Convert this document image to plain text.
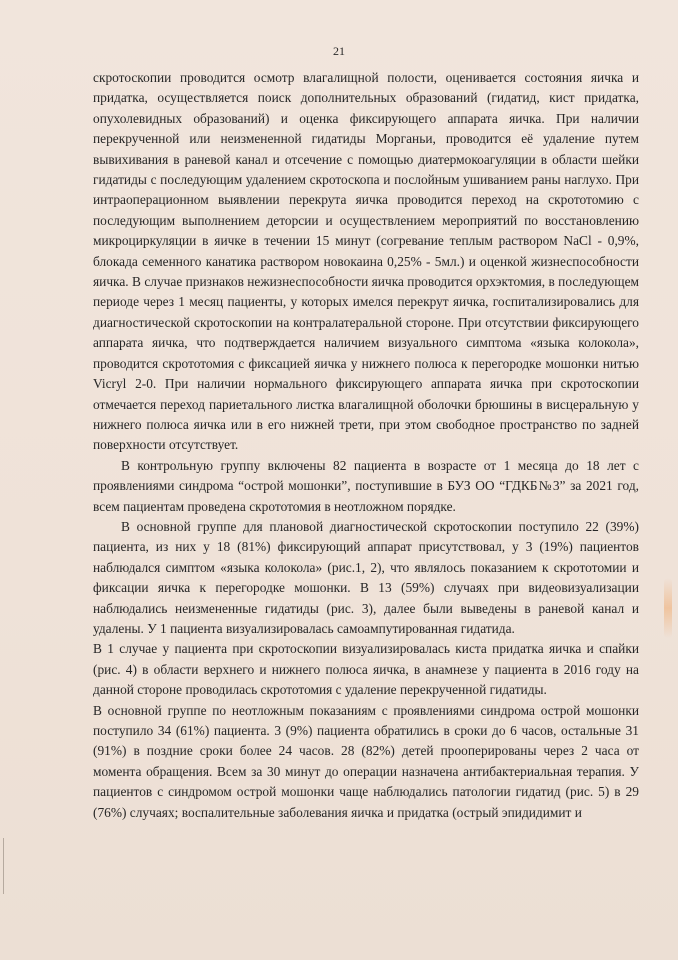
21

скротоскопии проводится осмотр влагалищной полости, оценивается состояния яичка и придатка, осуществляется поиск дополнительных образований (гидатид, кист придатка, опухолевидных образований) и оценка фиксирующего аппарата яичка. При наличии перекрученной или неизмененной гидатиды Морганьи, проводится её удаление путем вывихивания в раневой канал и отсечение с помощью диатермокоагуляции в области шейки гидатиды с последующим удалением скротоскопа и послойным ушиванием раны наглухо. При интраоперационном выявлении перекрута яичка проводится переход на скрототомию с последующим выполнением деторсии и осуществлением мероприятий по восстановлению микроциркуляции в яичке в течении 15 минут (согревание теплым раствором NaCl - 0,9%, блокада семенного канатика раствором новокаина 0,25% - 5мл.) и оценкой жизнеспособности яичка. В случае признаков нежизнеспособности яичка проводится орхэктомия, в последующем периоде через 1 месяц пациенты, у которых имелся перекрут яичка, госпитализировались для диагностической скротоскопии на контралатеральной стороне. При отсутствии фиксирующего аппарата яичка, что подтверждается наличием визуального симптома «языка колокола», проводится скрототомия с фиксацией яичка у нижнего полюса к перегородке мошонки нитью Vicryl 2-0. При наличии нормального фиксирующего аппарата яичка при скротоскопии отмечается переход париетального листка влагалищной оболочки брюшины в висцеральную у нижнего полюса яичка или в его нижней трети, при этом свободное пространство по задней поверхности отсутствует.

В контрольную группу включены 82 пациента в возрасте от 1 месяца до 18 лет с проявлениями синдрома “острой мошонки”, поступившие в БУЗ ОО “ГДКБ№3” за 2021 год, всем пациентам проведена скрототомия в неотложном порядке.

В основной группе для плановой диагностической скротоскопии поступило 22 (39%) пациента, из них у 18 (81%) фиксирующий аппарат присутствовал, у 3 (19%) пациентов наблюдался симптом «языка колокола» (рис.1, 2), что являлось показанием к скрототомии и фиксации яичка к перегородке мошонки. В 13 (59%) случаях при видеовизуализации наблюдались неизмененные гидатиды (рис. 3), далее были выведены в раневой канал и удалены. У 1 пациента визуализировалась самоампутированная гидатида.

В 1 случае у пациента при скротоскопии визуализировалась киста придатка яичка и спайки (рис. 4) в области верхнего и нижнего полюса яичка, в анамнезе у пациента в 2016 году на данной стороне проводилась скрототомия с удаление перекрученной гидатиды.

В основной группе по неотложным показаниям с проявлениями синдрома острой мошонки поступило 34 (61%) пациента. 3 (9%) пациента обратились в сроки до 6 часов, остальные 31 (91%) в поздние сроки более 24 часов. 28 (82%) детей прооперированы через 2 часа от момента обращения. Всем за 30 минут до операции назначена антибактериальная терапия. У пациентов с синдромом острой мошонки чаще наблюдались патологии гидатид (рис. 5) в 29 (76%) случаях; воспалительные заболевания яичка и придатка (острый эпидидимит и
